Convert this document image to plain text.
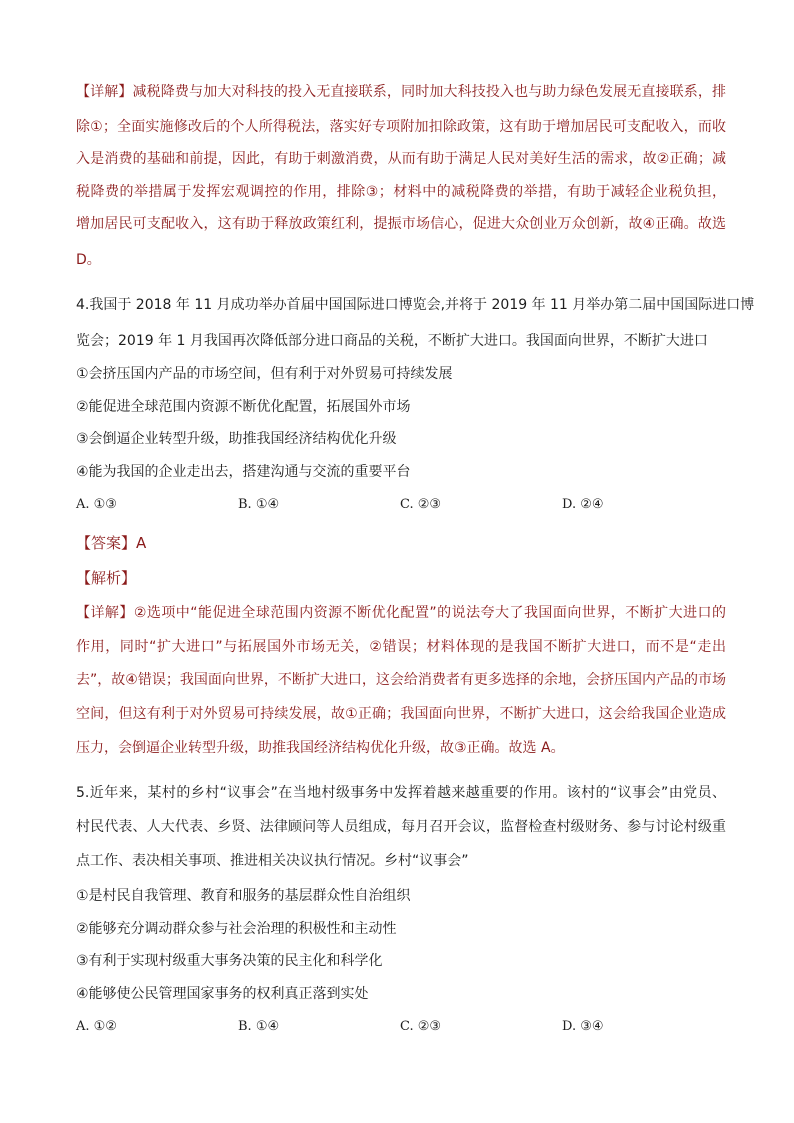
【详解】减税降费与加大对科技的投入无直接联系，同时加大科技投入也与助力绿色发展无直接联系，排
除①；全面实施修改后的个人所得税法，落实好专项附加扣除政策，这有助于增加居民可支配收入，而收
入是消费的基础和前提，因此，有助于刺激消费，从而有助于满足人民对美好生活的需求，故②正确；减
税降费的举措属于发挥宏观调控的作用，排除③；材料中的减税降费的举措，有助于减轻企业税负担，
增加居民可支配收入，这有助于释放政策红利，提振市场信心，促进大众创业万众创新，故④正确。故选
D。
4.我国于 2018 年 11 月成功举办首届中国国际进口博览会,并将于 2019 年 11 月举办第二届中国国际进口博
览会；2019 年 1 月我国再次降低部分进口商品的关税，不断扩大进口。我国面向世界，不断扩大进口
①会挤压国内产品的市场空间，但有利于对外贸易可持续发展
②能促进全球范围内资源不断优化配置，拓展国外市场
③会倒逼企业转型升级，助推我国经济结构优化升级
④能为我国的企业走出去，搭建沟通与交流的重要平台
A. ①③	B. ①④	C. ②③	D. ②④
【答案】A
【解析】
【详解】②选项中“能促进全球范围内资源不断优化配置”的说法夸大了我国面向世界，不断扩大进口的
作用，同时“扩大进口”与拓展国外市场无关，②错误；材料体现的是我国不断扩大进口，而不是“走出
去”，故④错误；我国面向世界，不断扩大进口，这会给消费者有更多选择的余地，会挤压国内产品的市场
空间，但这有利于对外贸易可持续发展，故①正确；我国面向世界，不断扩大进口，这会给我国企业造成
压力，会倒逼企业转型升级，助推我国经济结构优化升级，故③正确。故选 A。
5.近年来，某村的乡村“议事会”在当地村级事务中发挥着越来越重要的作用。该村的“议事会”由党员、
村民代表、人大代表、乡贤、法律顾问等人员组成，每月召开会议，监督检查村级财务、参与讨论村级重
点工作、表决相关事项、推进相关决议执行情况。乡村“议事会”
①是村民自我管理、教育和服务的基层群众性自治组织
②能够充分调动群众参与社会治理的积极性和主动性
③有利于实现村级重大事务决策的民主化和科学化
④能够使公民管理国家事务的权利真正落到实处
A. ①②	B. ①④	C. ②③	D. ③④
